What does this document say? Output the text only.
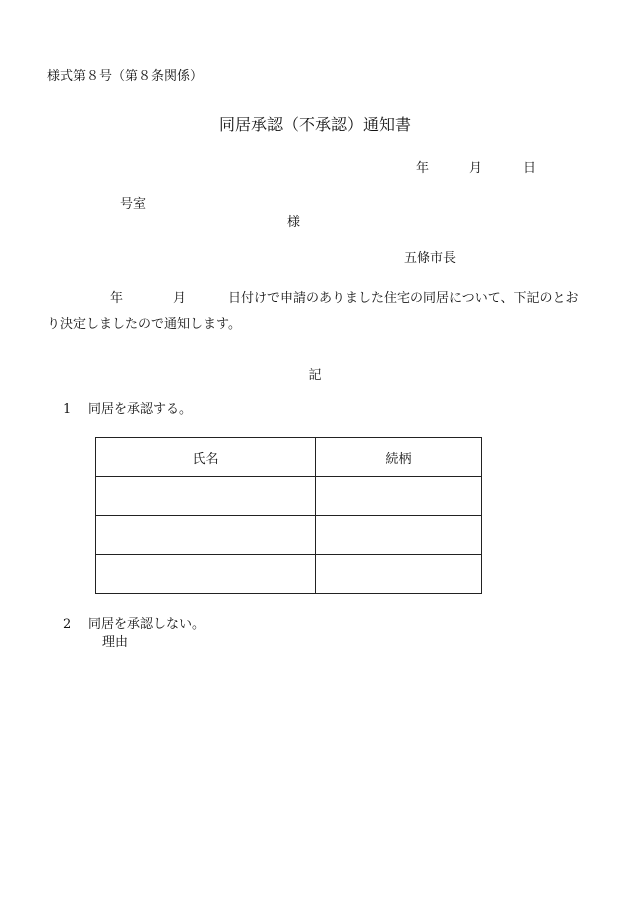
様式第８号（第８条関係）
同居承認（不承認）通知書
年	月	日
号室
様
五條市長
年	月	日付けで申請のありました住宅の同居について、下記のとお
り決定しましたので通知します。
記
1 同居を承認する。
氏名	続柄

2 同居を承認しない。
理由
